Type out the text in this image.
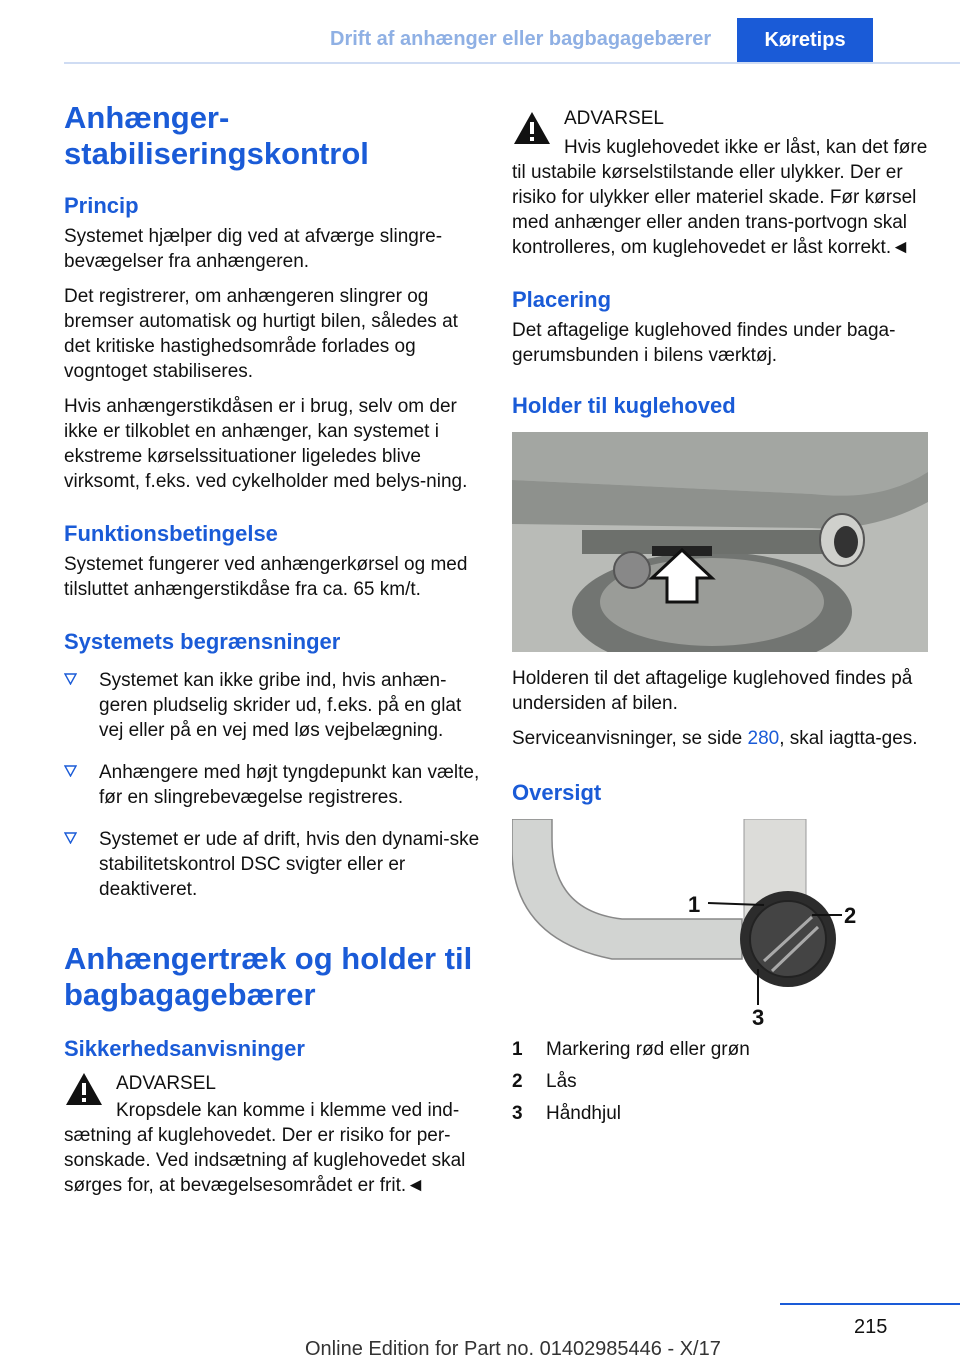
Drift af anhænger eller bagbagagebærer	Køretips
Anhænger-
stabiliseringskontrol
Princip

Systemet hjælper dig ved at afværge slingre-bevægelser fra anhængeren.

Det registrerer, om anhængeren slingrer og bremser automatisk og hurtigt bilen, således at det kritiske hastighedsområde forlades og vogntoget stabiliseres.

Hvis anhængerstikdåsen er i brug, selv om der ikke er tilkoblet en anhænger, kan systemet i ekstreme kørselssituationer ligeledes blive virksomt, f.eks. ved cykelholder med belys-ning.

Funktionsbetingelse

Systemet fungerer ved anhængerkørsel og med tilsluttet anhængerstikdåse fra ca. 65 km/t.

Systemets begrænsninger
Systemet kan ikke gribe ind, hvis anhæn-geren pludselig skrider ud, f.eks. på en glat vej eller på en vej med løs vejbelægning.
Anhængere med højt tyngdepunkt kan vælte, før en slingrebevægelse registreres.
Systemet er ude af drift, hvis den dynami-ske stabilitetskontrol DSC svigter eller er deaktiveret.
Anhængertræk og holder til bagbagagebærer
Sikkerhedsanvisninger

ADVARSEL

Kropsdele kan komme i klemme ved ind-sætning af kuglehovedet. Der er risiko for per-sonskade. Ved indsætning af kuglehovedet skal sørges for, at bevægelsesområdet er frit.◄

ADVARSEL

Hvis kuglehovedet ikke er låst, kan det føre til ustabile kørselstilstande eller ulykker. Der er risiko for ulykker eller materiel skade. Før kørsel med anhænger eller anden trans-portvogn skal kontrolleres, om kuglehovedet er låst korrekt.◄

Placering

Det aftagelige kuglehoved findes under baga-gerumsbunden i bilens værktøj.

Holder til kuglehoved

Holderen til det aftagelige kuglehoved findes på undersiden af bilen.

Serviceanvisninger, se side 280, skal iagtta-ges.

Oversigt
1	2
3
1	Markering rød eller grøn
2	Lås
3	Håndhjul
215
Online Edition for Part no. 01402985446 - X/17
